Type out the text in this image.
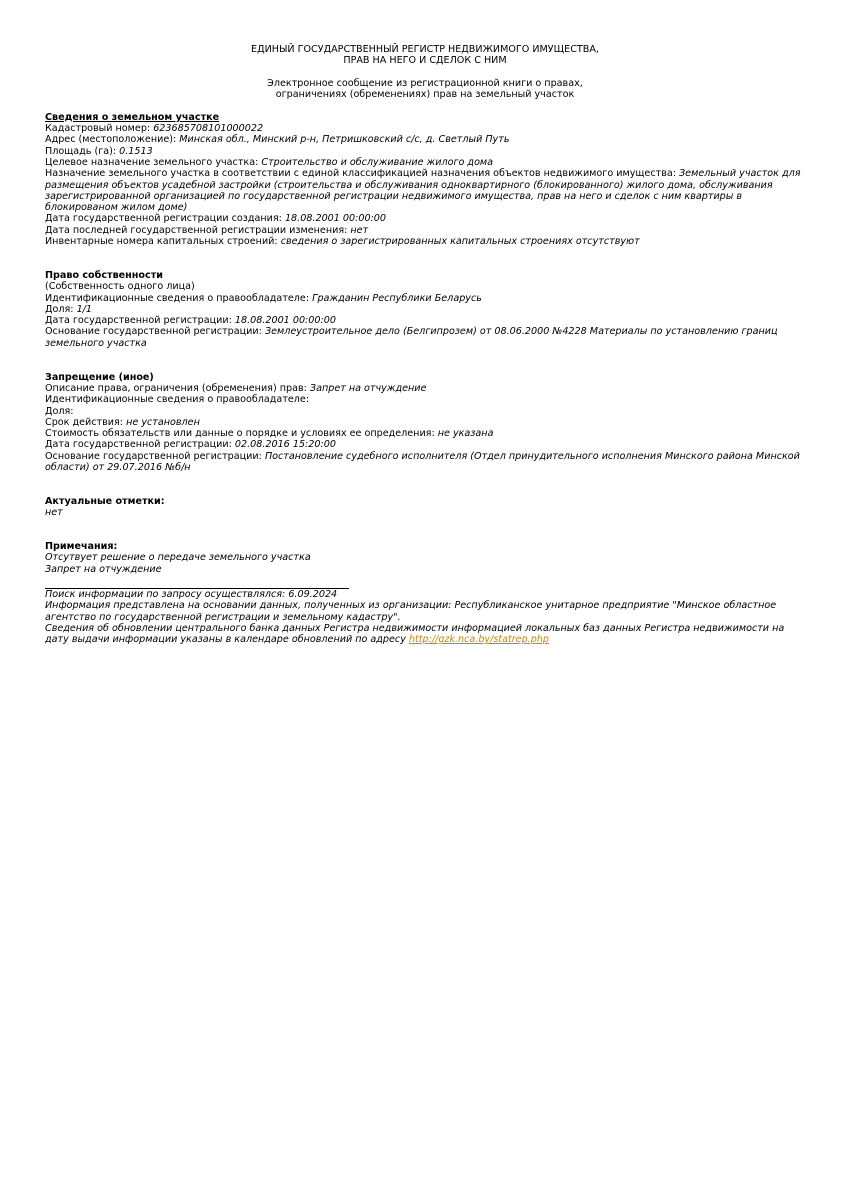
ЕДИНЫЙ ГОСУДАРСТВЕННЫЙ РЕГИСТР НЕДВИЖИМОГО ИМУЩЕСТВА,

ПРАВ НА НЕГО И СДЕЛОК С НИМ

Электронное сообщение из регистрационной книги о правах,

ограничениях (обременениях) прав на земельный участок

Сведения о земельном участке

Кадастровый номер: 623685708101000022

Адрес (местоположение): Минская обл., Минский р-н, Петришковский с/с, д. Светлый Путь

Площадь (га): 0.1513

Целевое назначение земельного участка: Строительство и обслуживание жилого дома

Назначение земельного участка в соответствии с единой классификацией назначения объектов недвижимого имущества: Земельный участок для размещения объектов усадебной застройки (строительства и обслуживания одноквартирного (блокированного) жилого дома, обслуживания зарегистрированной организацией по государственной регистрации недвижимого имущества, прав на него и сделок с ним квартиры в блокированом жилом доме)

Дата государственной регистрации создания: 18.08.2001 00:00:00

Дата последней государственной регистрации изменения: нет

Инвентарные номера капитальных строений: сведения о зарегистрированных капитальных строениях отсутствуют

Право собственности

(Собственность одного лица)

Идентификационные сведения о правообладателе: Гражданин Республики Беларусь

Доля: 1/1

Дата государственной регистрации: 18.08.2001 00:00:00

Основание государственной регистрации: Землеустроительное дело (Белгипрозем) от 08.06.2000 №4228 Материалы по установлению границ земельного участка

Запрещение (иное)

Описание права, ограничения (обременения) прав: Запрет на отчуждение

Идентификационные сведения о правообладателе:

Доля:

Срок действия: не установлен

Стоимость обязательств или данные о порядке и условиях ее определения: не указана

Дата государственной регистрации: 02.08.2016 15:20:00

Основание государственной регистрации: Постановление судебного исполнителя (Отдел принудительного исполнения Минского района Минской области) от 29.07.2016 №б/н

Актуальные отметки:

нет

Примечания:

Отсутвует решение о передаче земельного участка

Запрет на отчуждение

Поиск информации по запросу осуществлялся: 6.09.2024

Информация представлена на основании данных, полученных из организации: Республиканское унитарное предприятие "Минское областное агентство по государственной регистрации и земельному кадастру".

Сведения об обновлении центрального банка данных Регистра недвижимости информацией локальных баз данных Регистра недвижимости на дату выдачи информации указаны в календаре обновлений по адресу http://gzk.nca.by/statrep.php
